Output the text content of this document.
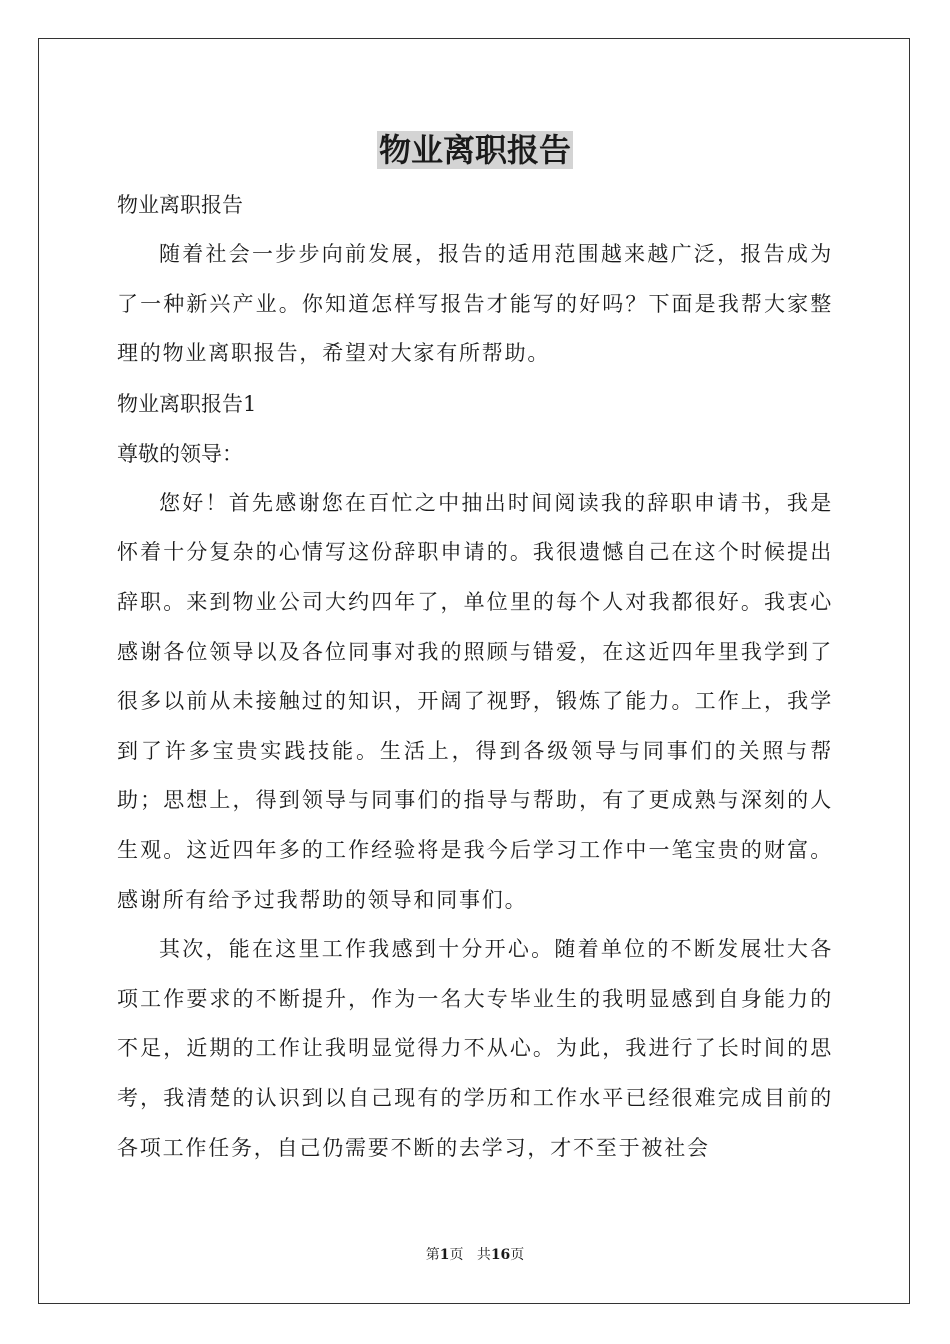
物业离职报告

物业离职报告

随着社会一步步向前发展，报告的适用范围越来越广泛，报告成为了一种新兴产业。你知道怎样写报告才能写的好吗？下面是我帮大家整理的物业离职报告，希望对大家有所帮助。

物业离职报告1

尊敬的领导：

您好！首先感谢您在百忙之中抽出时间阅读我的辞职申请书，我是怀着十分复杂的心情写这份辞职申请的。我很遗憾自己在这个时候提出辞职。来到物业公司大约四年了，单位里的每个人对我都很好。我衷心感谢各位领导以及各位同事对我的照顾与错爱，在这近四年里我学到了很多以前从未接触过的知识，开阔了视野，锻炼了能力。工作上，我学到了许多宝贵实践技能。生活上，得到各级领导与同事们的关照与帮助；思想上，得到领导与同事们的指导与帮助，有了更成熟与深刻的人生观。这近四年多的工作经验将是我今后学习工作中一笔宝贵的财富。感谢所有给予过我帮助的领导和同事们。

其次，能在这里工作我感到十分开心。随着单位的不断发展壮大各项工作要求的不断提升，作为一名大专毕业生的我明显感到自身能力的不足，近期的工作让我明显觉得力不从心。为此，我进行了长时间的思考，我清楚的认识到以自己现有的学历和工作水平已经很难完成目前的各项工作任务，自己仍需要不断的去学习，才不至于被社会

第1页 共16页
